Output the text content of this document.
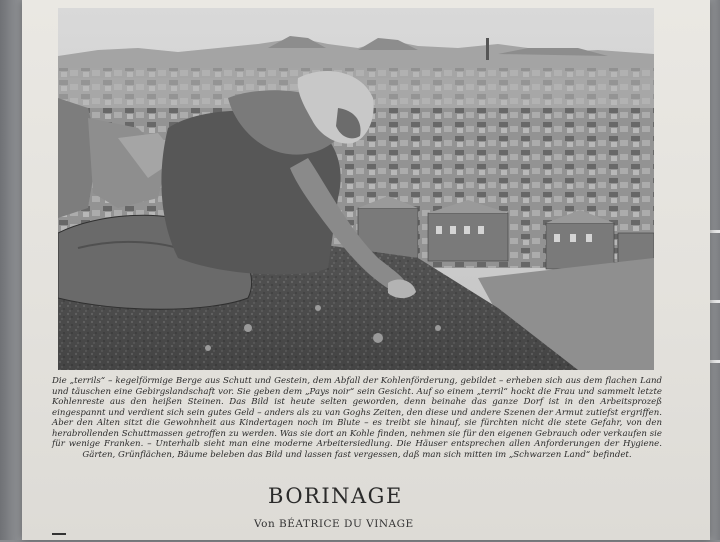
Die „terrils“ – kegelförmige Berge aus Schutt und Gestein, dem Abfall der Kohlenförderung, gebildet – erheben sich aus dem flachen Land und täuschen eine Gebirgslandschaft vor. Sie geben dem „Pays noir“ sein Gesicht. Auf so einem „terril“ hockt die Frau und sammelt letzte Kohlenreste aus den heißen Steinen. Das Bild ist heute selten geworden, denn beinahe das ganze Dorf ist in den Arbeitsprozeß eingespannt und verdient sich sein gutes Geld – anders als zu van Goghs Zeiten, den diese und andere Szenen der Armut zutiefst ergriffen. Aber den Alten sitzt die Gewohnheit aus Kindertagen noch im Blute – es treibt sie hinauf, sie fürchten nicht die stete Gefahr, von den herabrollenden Schuttmassen getroffen zu werden. Was sie dort an Kohle finden, nehmen sie für den eigenen Gebrauch oder verkaufen sie für wenige Franken. – Unterhalb sieht man eine moderne Arbeitersiedlung. Die Häuser entsprechen allen Anforderungen der Hygiene. Gärten, Grünflächen, Bäume beleben das Bild und lassen fast vergessen, daß man sich mitten im „Schwarzen Land“ befindet.

BORINAGE
Von BÉATRICE DU VINAGE
